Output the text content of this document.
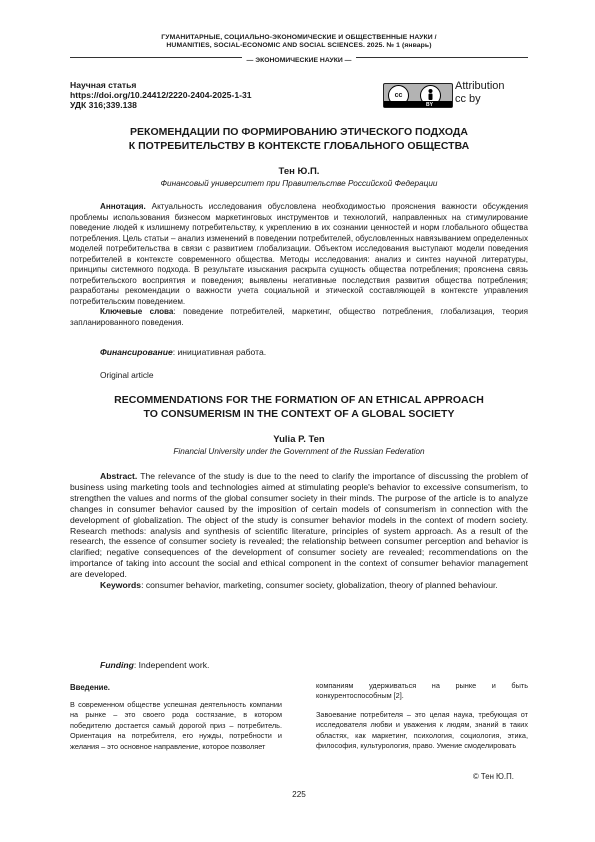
ГУМАНИТАРНЫЕ, СОЦИАЛЬНО-ЭКОНОМИЧЕСКИЕ И ОБЩЕСТВЕННЫЕ НАУКИ /
HUMANITIES, SOCIAL-ECONOMIC AND SOCIAL SCIENCES. 2025. № 1 (январь)
— ЭКОНОМИЧЕСКИЕ НАУКИ —
Научная статья
https://doi.org/10.24412/2220-2404-2025-1-31
УДК 316;339.138
cc
BY
Attribution
cc by
РЕКОМЕНДАЦИИ ПО ФОРМИРОВАНИЮ ЭТИЧЕСКОГО ПОДХОДА
К ПОТРЕБИТЕЛЬСТВУ В КОНТЕКСТЕ ГЛОБАЛЬНОГО ОБЩЕСТВА
Тен Ю.П.
Финансовый университет при Правительстве Российской Федерации
Аннотация. Актуальность исследования обусловлена необходимостью прояснения важности обсуждения проблемы использования бизнесом маркетинговых инструментов и технологий, направленных на стимулирование поведение людей к излишнему потребительству, к укреплению в их сознании ценностей и норм глобального общества потребления. Цель статьи – анализ изменений в поведении потребителей, обусловленных навязыванием определенных моделей потребительства в связи с развитием глобализации. Объектом исследования выступают модели поведения потребителей в контексте современного общества. Методы исследования: анализ и синтез научной литературы, принципы системного подхода. В результате изыскания раскрыта сущность общества потребления; прояснена связь потребительского восприятия и поведения; выявлены негативные последствия развития общества потребления; разработаны рекомендации о важности учета социальной и этической составляющей в контексте управления потребительским поведением.
Ключевые слова: поведение потребителей, маркетинг, общество потребления, глобализация, теория запланированного поведения.
Финансирование: инициативная работа.
Original article
RECOMMENDATIONS FOR THE FORMATION OF AN ETHICAL APPROACH
TO CONSUMERISM IN THE CONTEXT OF A GLOBAL SOCIETY
Yulia P. Ten
Financial University under the Government of the Russian Federation
Abstract. The relevance of the study is due to the need to clarify the importance of discussing the problem of business using marketing tools and technologies aimed at stimulating people's behavior to excessive consumerism, to strengthen the values and norms of the global consumer society in their minds. The purpose of the article is to analyze changes in consumer behavior caused by the imposition of certain models of consumerism in connection with the development of globalization. The object of the study is consumer behavior models in the context of modern society. Research methods: analysis and synthesis of scientific literature, principles of system approach. As a result of the research, the essence of consumer society is revealed; the relationship between consumer perception and behavior is clarified; negative consequences of the development of consumer society are revealed; recommendations on the importance of taking into account the social and ethical component in the context of consumer behavior management are developed.
Keywords: consumer behavior, marketing, consumer society, globalization, theory of planned behaviour.
Funding: Independent work.
Введение.
В современном обществе успешная деятельность компании на рынке – это своего рода состязание, в котором победителю достается самый дорогой приз – потребитель. Ориентация на потребителя, его нужды, потребности и желания – это основное направление, которое позволяет
компаниям удерживаться на рынке и быть конкурентоспособным [2].
Завоевание потребителя – это целая наука, требующая от исследователя любви и уважения к людям, знаний в таких областях, как маркетинг, психология, социология, этика, философия, культурология, право. Умение смоделировать
© Тен Ю.П.
225
